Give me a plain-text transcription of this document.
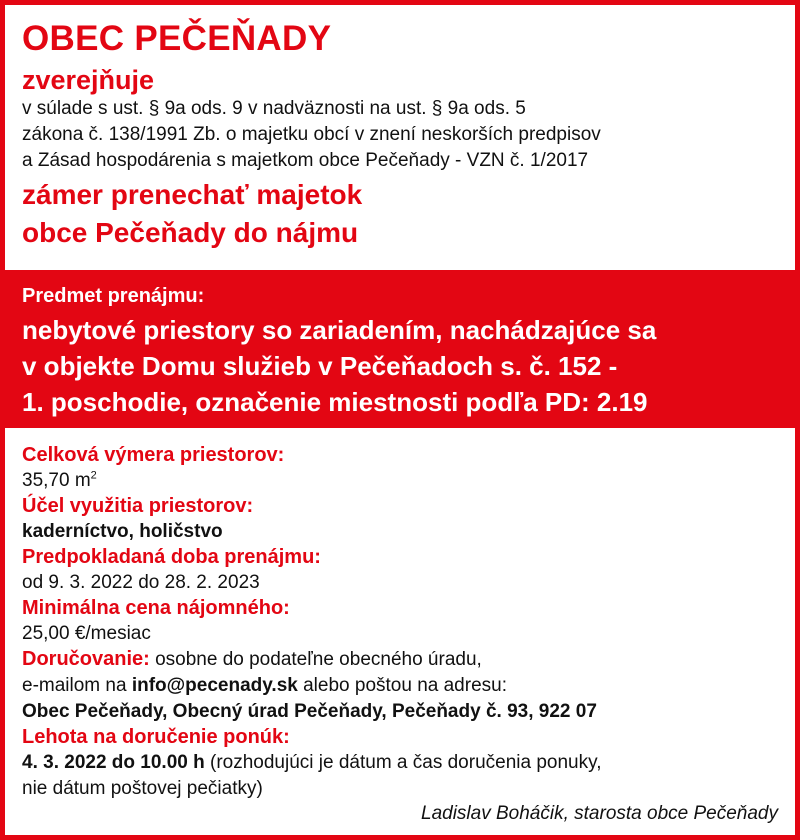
OBEC PEČEŇADY
zverejňuje
v súlade s ust. § 9a ods. 9 v nadväznosti na ust. § 9a ods. 5
zákona č. 138/1991 Zb. o majetku obcí v znení neskorších predpisov
a Zásad hospodárenia s majetkom obce Pečeňady - VZN č. 1/2017
zámer prenechať majetok
obce Pečeňady do nájmu
Predmet prenájmu:
nebytové priestory so zariadením, nachádzajúce sa
v objekte Domu služieb v Pečeňadoch s. č. 152 -
1. poschodie, označenie miestnosti podľa PD: 2.19
Celková výmera priestorov:
35,70 $m^2$
Účel využitia priestorov:
kaderníctvo, holičstvo
Predpokladaná doba prenájmu:
od 9. 3. 2022 do 28. 2. 2023
Minimálna cena nájomného:
25,00 €/mesiac
Doručovanie: osobne do podateľne obecného úradu,
e-mailom na info@pecenady.sk alebo poštou na adresu:
Obec Pečeňady, Obecný úrad Pečeňady, Pečeňady č. 93, 922 07
Lehota na doručenie ponúk:
4. 3. 2022 do 10.00 h (rozhodujúci je dátum a čas doručenia ponuky,
nie dátum poštovej pečiatky)
Ladislav Boháčik, starosta obce Pečeňady
